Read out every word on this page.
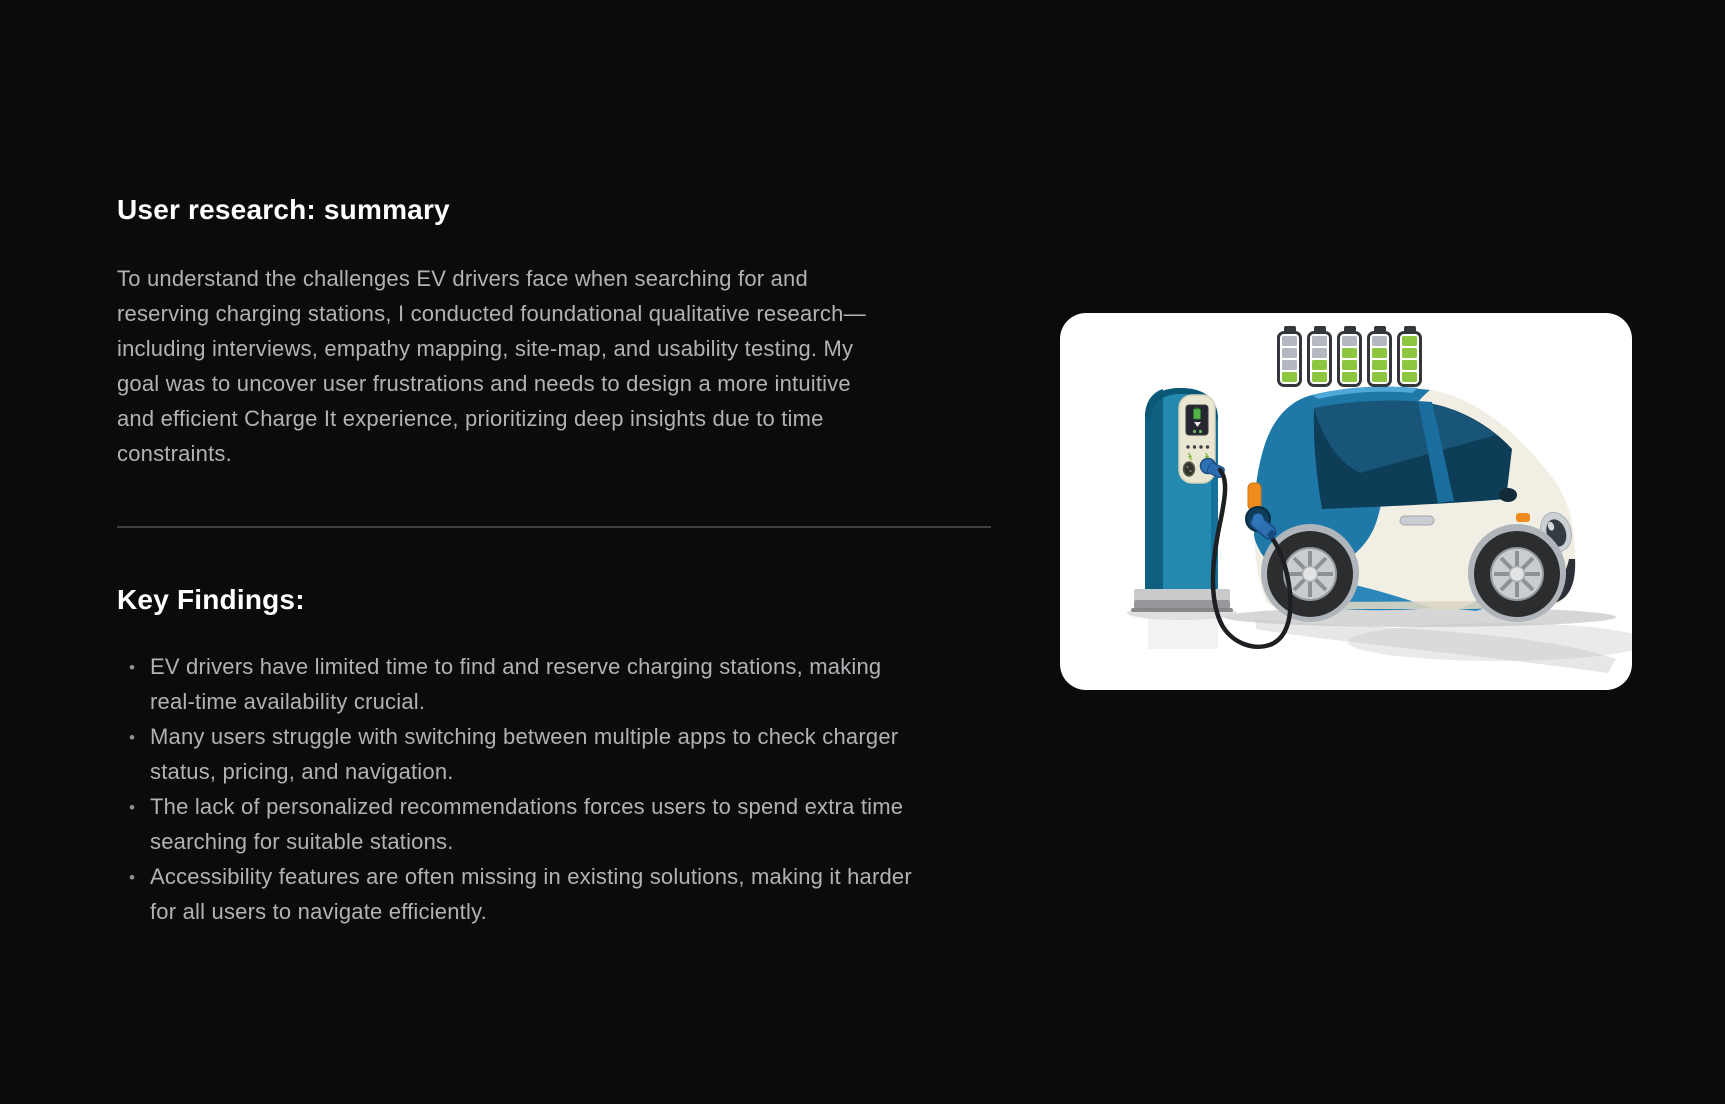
User research: summary

To understand the challenges EV drivers face when searching for and reserving charging stations, I conducted foundational qualitative research—including interviews, empathy mapping, site-map, and usability testing. My goal was to uncover user frustrations and needs to design a more intuitive and efficient Charge It experience, prioritizing deep insights due to time constraints.

Key Findings:
• EV drivers have limited time to find and reserve charging stations, making real-time availability crucial.
• Many users struggle with switching between multiple apps to check charger status, pricing, and navigation.
• The lack of personalized recommendations forces users to spend extra time searching for suitable stations.
• Accessibility features are often missing in existing solutions, making it harder for all users to navigate efficiently.
